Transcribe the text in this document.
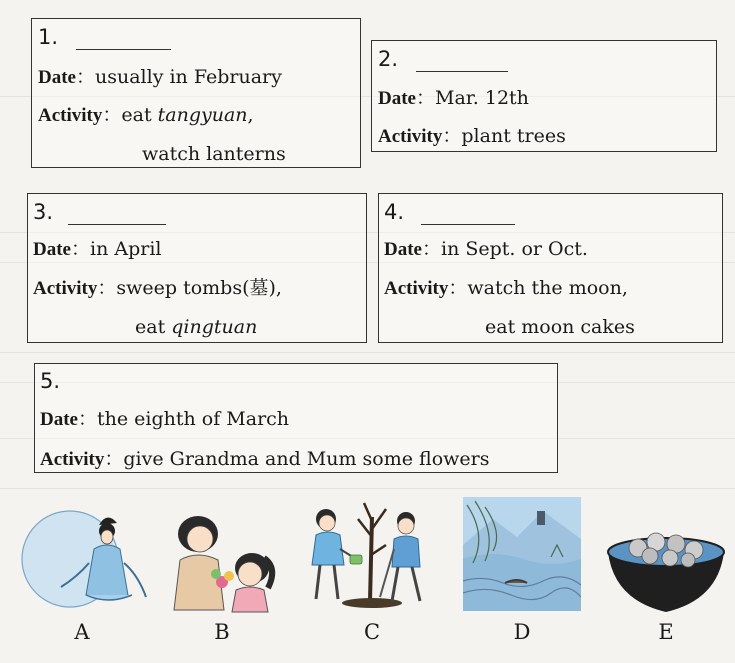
1.
Date：usually in February
Activity：eat tangyuan,
watch lanterns
2.
Date：Mar. 12th
Activity：plant trees
3.
Date：in April
Activity：sweep tombs(墓),
eat qingtuan
4.
Date：in Sept. or Oct.
Activity：watch the moon,
eat moon cakes
5.
Date：the eighth of March
Activity：give Grandma and Mum some flowers
A	B	C	D	E
